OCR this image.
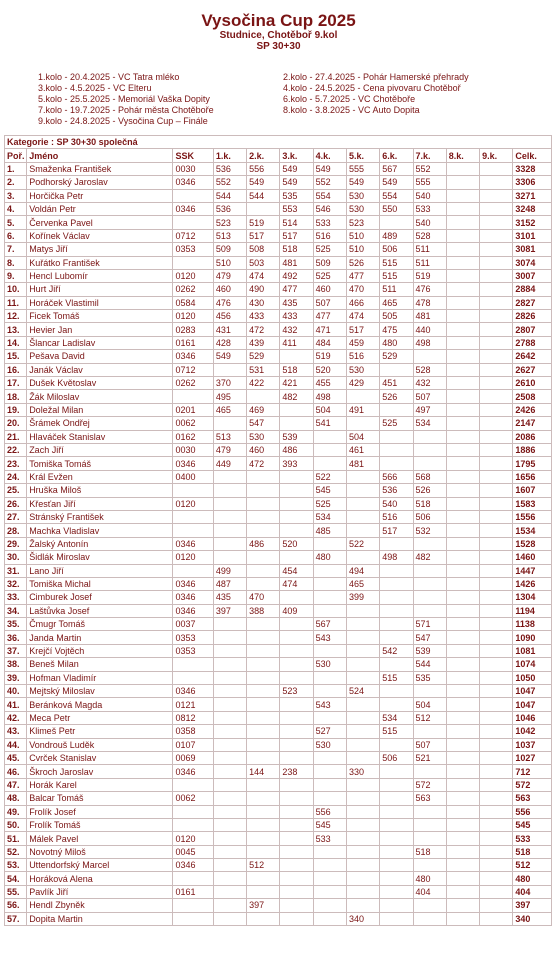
Vysočina Cup 2025
Studnice, Chotěboř 9.kol
SP 30+30
1.kolo - 20.4.2025 - VC Tatra mléko
3.kolo - 4.5.2025 - VC Elteru
5.kolo - 25.5.2025 - Memoriál Vaška Dopity
7.kolo - 19.7.2025 - Pohár města Chotěboře
9.kolo - 24.8.2025 - Vysočina Cup – Finále
2.kolo - 27.4.2025 - Pohár Hamerské přehrady
4.kolo - 24.5.2025 - Cena pivovaru Chotěboř
6.kolo - 5.7.2025 - VC Chotěboře
8.kolo - 3.8.2025 - VC Auto Dopita
Kategorie : SP 30+30 společná												
Poř.	Jméno	SSK	1.k.	2.k.	3.k.	4.k.	5.k.	6.k.	7.k.	8.k.	9.k.	Celk.
1.	Smaženka František	0030	536	556	549	549	555	567	552			3328
2.	Podhorský Jaroslav	0346	552	549	549	552	549	549	555			3306
3.	Horčička Petr		544	544	535	554	530	554	540			3271
4.	Voldán Petr	0346	536		553	546	530	550	533			3248
5.	Červenka Pavel		523	519	514	533	523		540			3152
6.	Kořínek Václav	0712	513	517	517	516	510	489	528			3101
7.	Matys Jiří	0353	509	508	518	525	510	506	511			3081
8.	Kuřátko František		510	503	481	509	526	515	511			3074
9.	Hencl Lubomír	0120	479	474	492	525	477	515	519			3007
10.	Hurt Jiří	0262	460	490	477	460	470	511	476			2884
11.	Horáček Vlastimil	0584	476	430	435	507	466	465	478			2827
12.	Ficek Tomáš	0120	456	433	433	477	474	505	481			2826
13.	Hevier Jan	0283	431	472	432	471	517	475	440			2807
14.	Šlancar Ladislav	0161	428	439	411	484	459	480	498			2788
15.	Pešava David	0346	549	529		519	516	529				2642
16.	Janák Václav	0712		531	518	520	530		528			2627
17.	Dušek Květoslav	0262	370	422	421	455	429	451	432			2610
18.	Žák Miloslav		495		482	498		526	507			2508
19.	Doležal Milan	0201	465	469		504	491		497			2426
20.	Šrámek Ondřej	0062		547		541		525	534			2147
21.	Hlaváček Stanislav	0162	513	530	539		504					2086
22.	Zach Jiří	0030	479	460	486		461					1886
23.	Tomiška Tomáš	0346	449	472	393		481					1795
24.	Král Evžen	0400				522		566	568			1656
25.	Hruška Miloš					545		536	526			1607
26.	Křesťan Jiří	0120				525		540	518			1583
27.	Stránský František					534		516	506			1556
28.	Machka Vladislav					485		517	532			1534
29.	Žalský Antonín	0346		486	520		522					1528
30.	Šidlák Miroslav	0120				480		498	482			1460
31.	Lano Jiří		499		454		494					1447
32.	Tomiška Michal	0346	487		474		465					1426
33.	Cimburek Josef	0346	435	470			399					1304
34.	Laštůvka Josef	0346	397	388	409							1194
35.	Čmugr Tomáš	0037				567			571			1138
36.	Janda Martin	0353				543			547			1090
37.	Krejčí Vojtěch	0353						542	539			1081
38.	Beneš Milan					530			544			1074
39.	Hofman Vladimír							515	535			1050
40.	Mejtský Miloslav	0346			523		524					1047
41.	Beránková Magda	0121				543			504			1047
42.	Meca Petr	0812						534	512			1046
43.	Klimeš Petr	0358				527		515				1042
44.	Vondrouš Luděk	0107				530			507			1037
45.	Cvrček Stanislav	0069						506	521			1027
46.	Škroch Jaroslav	0346		144	238		330					712
47.	Horák Karel								572			572
48.	Balcar Tomáš	0062							563			563
49.	Frolík Josef					556						556
50.	Frolík Tomáš					545						545
51.	Málek Pavel	0120				533						533
52.	Novotný Miloš	0045							518			518
53.	Uttendorfský Marcel	0346		512								512
54.	Horáková Alena								480			480
55.	Pavlík Jiří	0161							404			404
56.	Hendl Zbyněk			397								397
57.	Dopita Martin						340					340
